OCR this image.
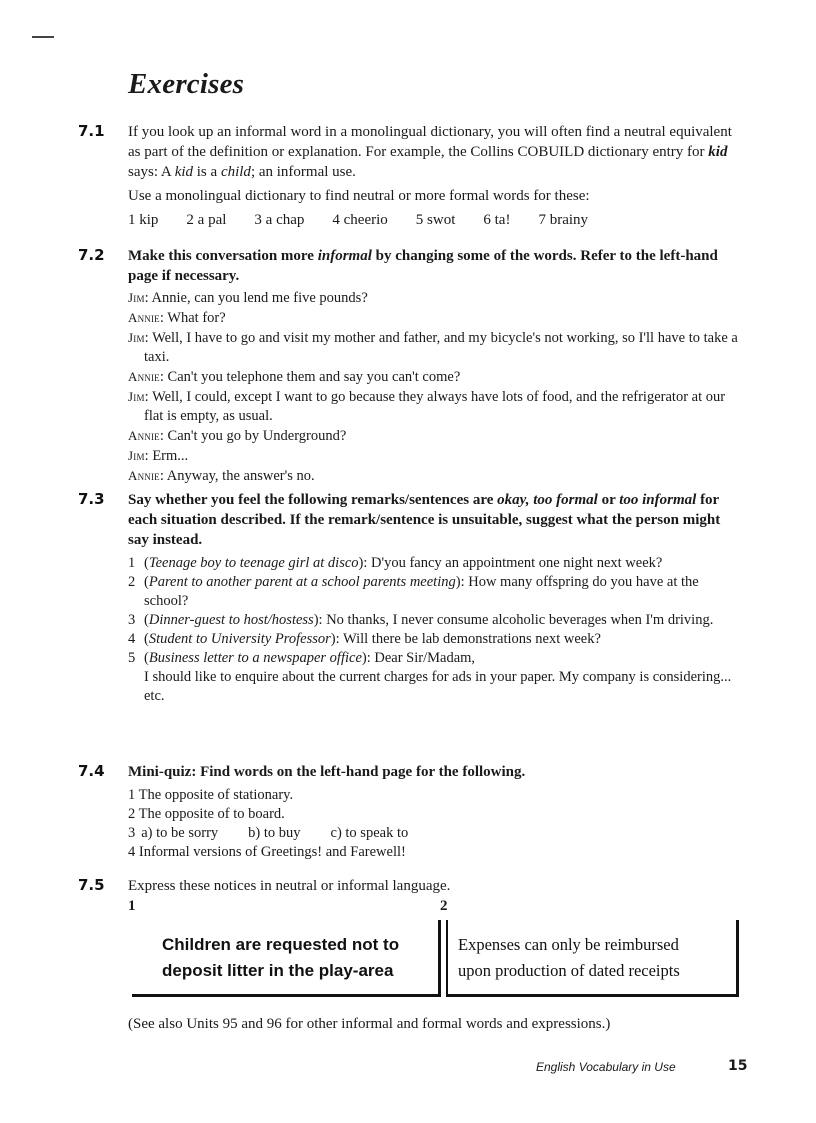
Exercises
7.1 If you look up an informal word in a monolingual dictionary, you will often find a neutral equivalent as part of the definition or explanation. For example, the Collins COBUILD dictionary entry for kid says: A kid is a child; an informal use.

Use a monolingual dictionary to find neutral or more formal words for these:

1 kip 2 a pal 3 a chap 4 cheerio 5 swot 6 ta! 7 brainy
7.2 Make this conversation more informal by changing some of the words. Refer to the left-hand page if necessary.

Jim: Annie, can you lend me five pounds?
Annie: What for?
Jim: Well, I have to go and visit my mother and father, and my bicycle's not working, so I'll have to take a taxi.
Annie: Can't you telephone them and say you can't come?
Jim: Well, I could, except I want to go because they always have lots of food, and the refrigerator at our flat is empty, as usual.
Annie: Can't you go by Underground?
Jim: Erm...
Annie: Anyway, the answer's no.
7.3 Say whether you feel the following remarks/sentences are okay, too formal or too informal for each situation described. If the remark/sentence is unsuitable, suggest what the person might say instead.

1 (Teenage boy to teenage girl at disco): D'you fancy an appointment one night next week?
2 (Parent to another parent at a school parents meeting): How many offspring do you have at the school?
3 (Dinner-guest to host/hostess): No thanks, I never consume alcoholic beverages when I'm driving.
4 (Student to University Professor): Will there be lab demonstrations next week?
5 (Business letter to a newspaper office): Dear Sir/Madam,
I should like to enquire about the current charges for ads in your paper. My company is considering... etc.
7.4 Mini-quiz: Find words on the left-hand page for the following.

1 The opposite of stationary.
2 The opposite of to board.
3 a) to be sorry b) to buy c) to speak to
4 Informal versions of Greetings! and Farewell!
7.5 Express these notices in neutral or informal language.

1	2
Children are requested not to
deposit litter in the play-area
Expenses can only be reimbursed
upon production of dated receipts
(See also Units 95 and 96 for other informal and formal words and expressions.)
English Vocabulary in Use	15
